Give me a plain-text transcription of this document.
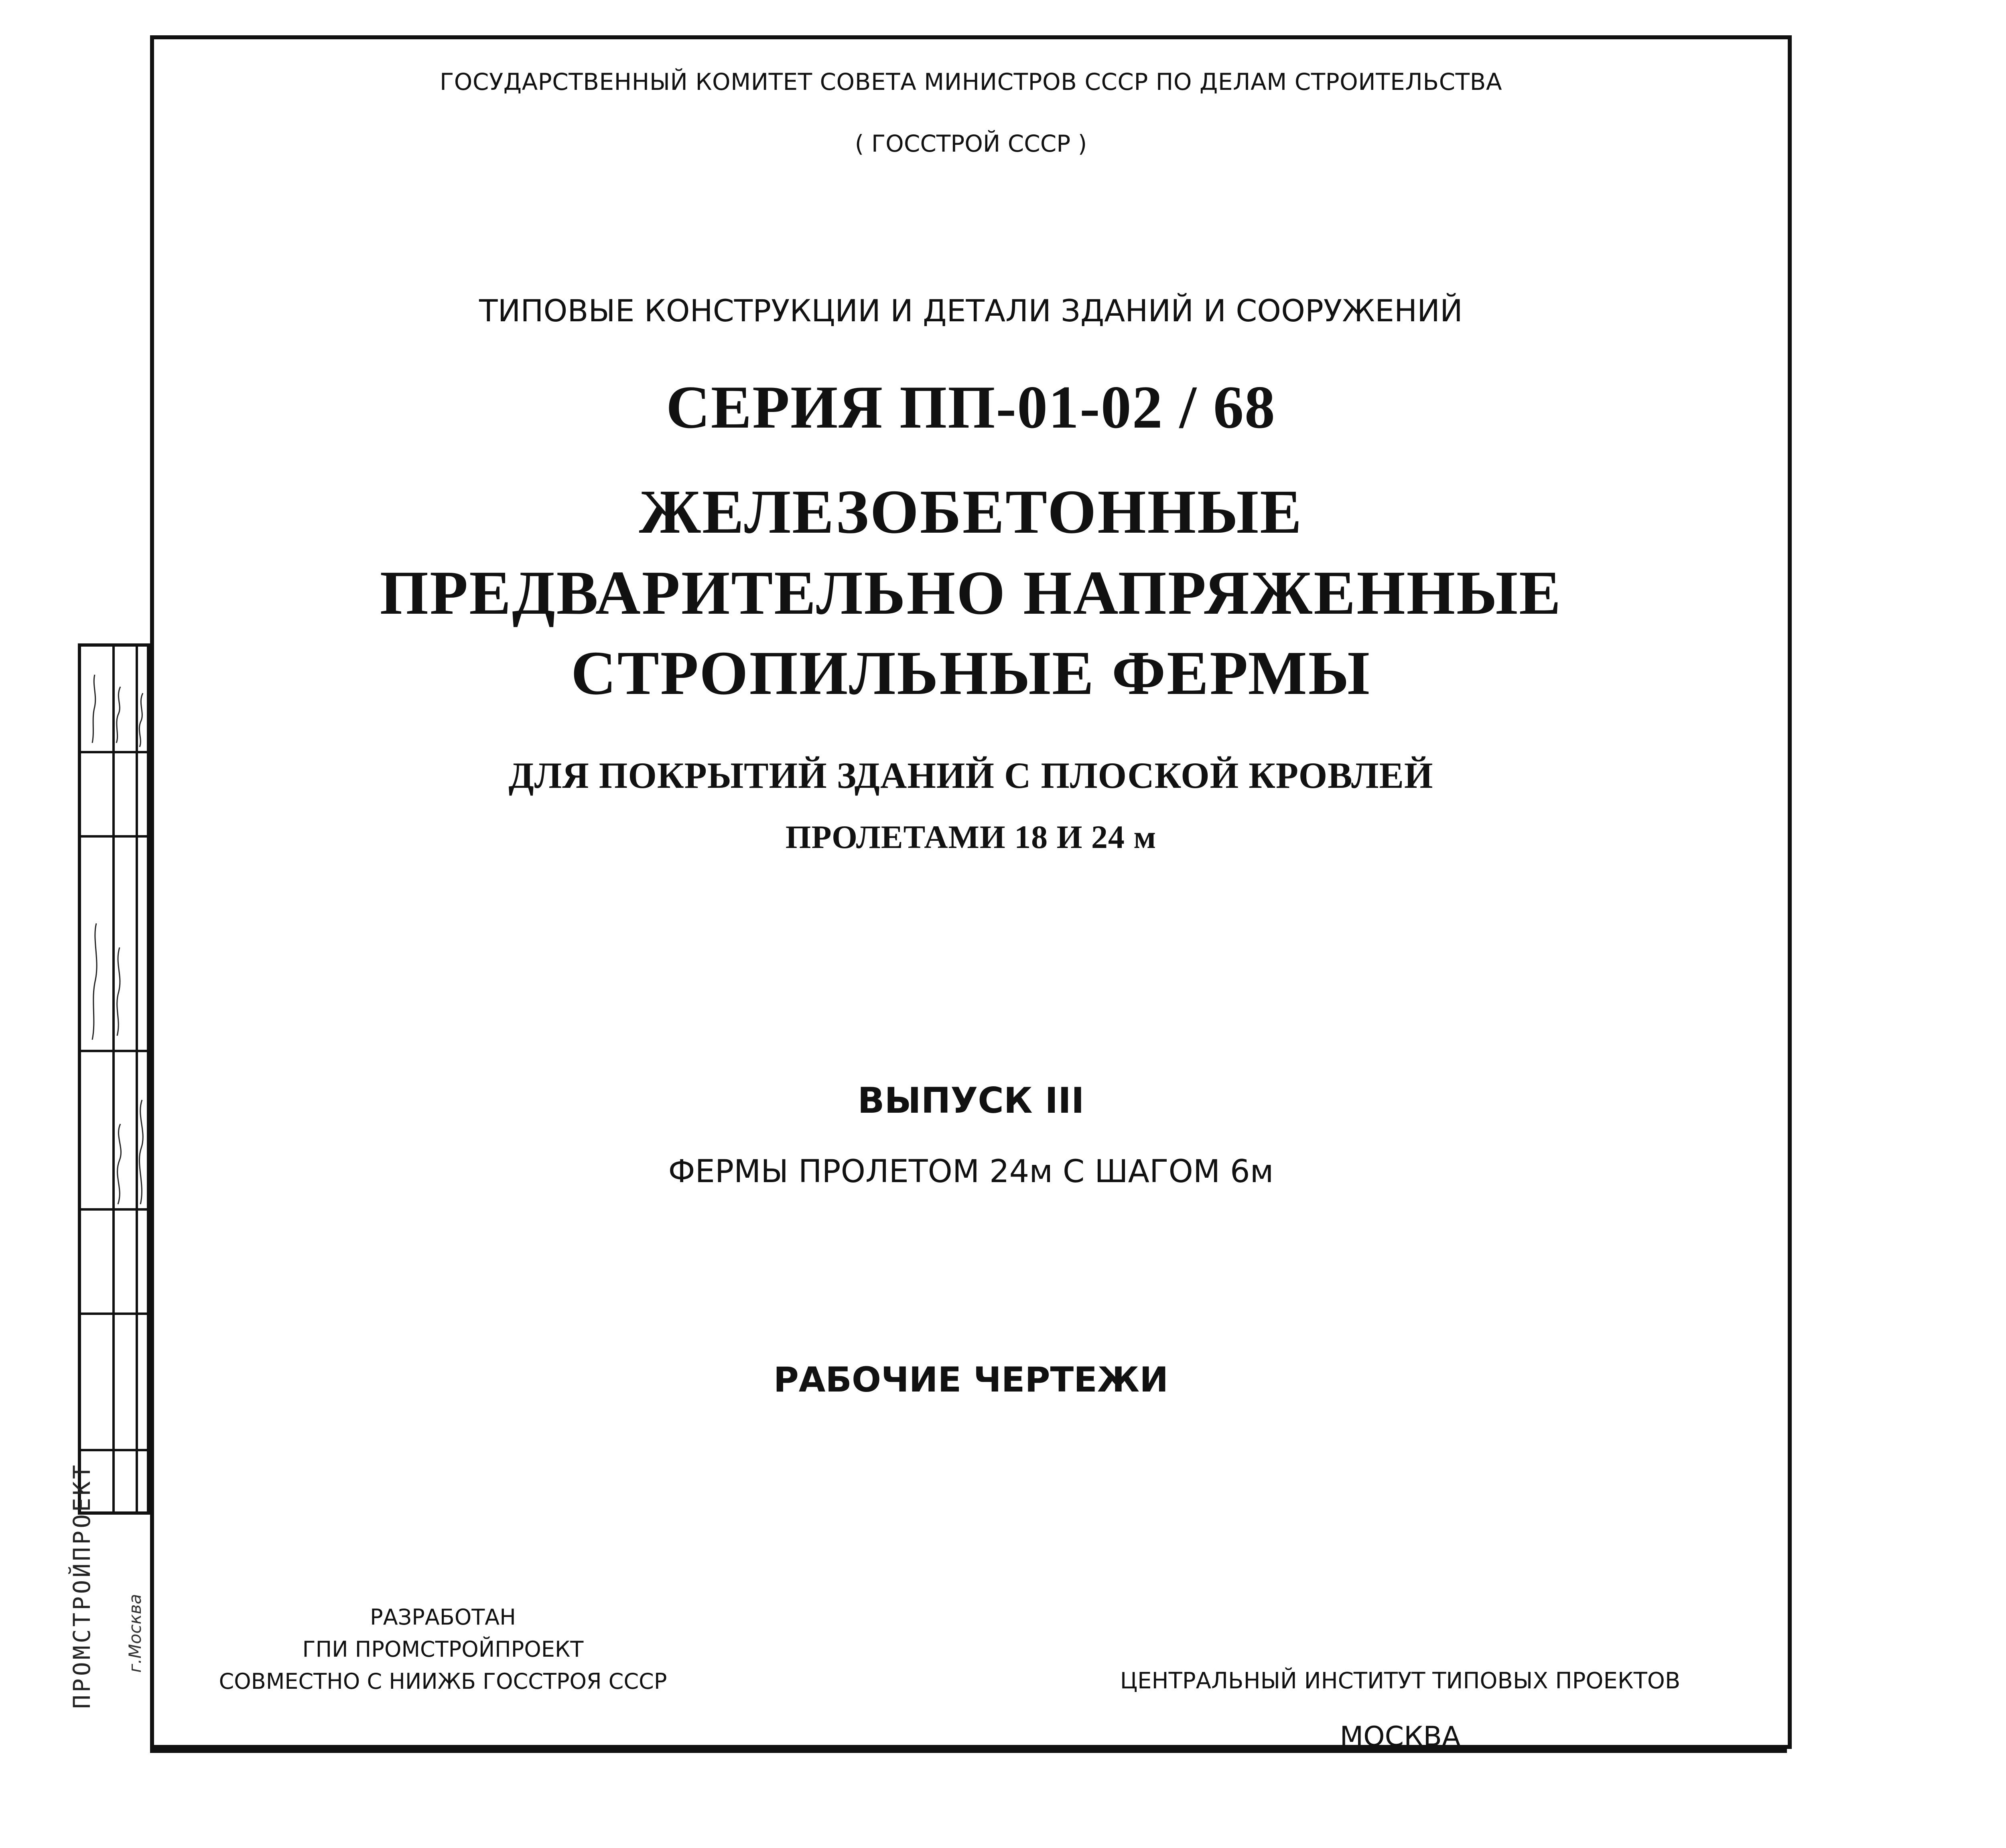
ГОСУДАРСТВЕННЫЙ КОМИТЕТ СОВЕТА МИНИСТРОВ СССР ПО ДЕЛАМ СТРОИТЕЛЬСТВА
( ГОССТРОЙ СССР )
ТИПОВЫЕ КОНСТРУКЦИИ И ДЕТАЛИ ЗДАНИЙ И СООРУЖЕНИЙ
СЕРИЯ ПП-01-02 / 68
ЖЕЛЕЗОБЕТОННЫЕ
ПРЕДВАРИТЕЛЬНО НАПРЯЖЕННЫЕ
СТРОПИЛЬНЫЕ ФЕРМЫ
ДЛЯ ПОКРЫТИЙ ЗДАНИЙ С ПЛОСКОЙ КРОВЛЕЙ
ПРОЛЕТАМИ 18 И 24 м
ВЫПУСК III
ФЕРМЫ ПРОЛЕТОМ 24м С ШАГОМ 6м
РАБОЧИЕ ЧЕРТЕЖИ
РАЗРАБОТАН
ГПИ ПРОМСТРОЙПРОЕКТ
СОВМЕСТНО С НИИЖБ ГОССТРОЯ СССР	ЦЕНТРАЛЬНЫЙ ИНСТИТУТ ТИПОВЫХ ПРОЕКТОВ
МОСКВА
ПРОМСТРОЙПРОЕКТ г.Москва
